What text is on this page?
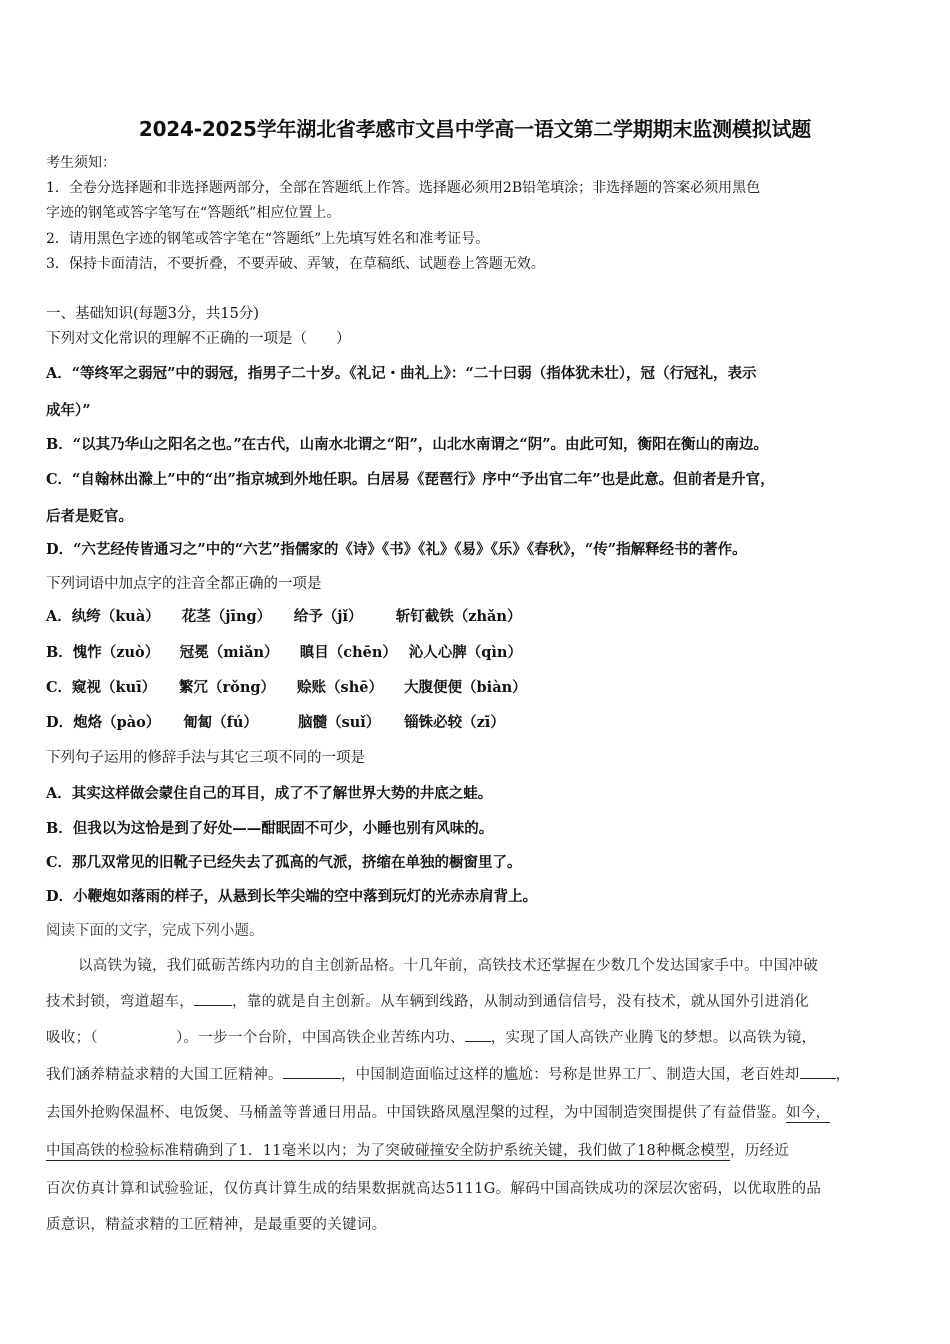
2024-2025学年湖北省孝感市文昌中学高一语文第二学期期末监测模拟试题
考生须知：
1．全卷分选择题和非选择题两部分，全部在答题纸上作答。选择题必须用2B铅笔填涂；非选择题的答案必须用黑色
字迹的钢笔或答字笔写在“答题纸”相应位置上。
2．请用黑色字迹的钢笔或答字笔在“答题纸”上先填写姓名和准考证号。
3．保持卡面清洁，不要折叠，不要弄破、弄皱，在草稿纸、试题卷上答题无效。
一、基础知识(每题3分，共15分)
下列对文化常识的理解不正确的一项是（　　）
A．“等终军之弱冠”中的弱冠，指男子二十岁。《礼记・曲礼上》：“二十曰弱（指体犹未壮），冠（行冠礼，表示
成年）”
B．“以其乃华山之阳名之也。”在古代，山南水北谓之“阳”，山北水南谓之“阴”。由此可知，衡阳在衡山的南边。
C．“自翰林出滁上”中的“出”指京城到外地任职。白居易《琵琶行》序中“予出官二年”也是此意。但前者是升官，
后者是贬官。
D．“六艺经传皆通习之”中的“六艺”指儒家的《诗》《书》《礼》《易》《乐》《春秋》，“传”指解释经书的著作。
下列词语中加点字的注音全都正确的一项是
A．纨绔（kuà） 花茎（jīng） 给予（jǐ） 斩钉截铁（zhǎn）
B．愧怍（zuò） 冠冕（miǎn） 瞋目（chēn） 沁人心脾（qìn）
C．窥视（kuī） 繁冗（rǒng） 赊账（shē） 大腹便便（biàn）
D．炮烙（pào） 匍匐（fú）	脑髓（suǐ） 锱铢必较（zī）
下列句子运用的修辞手法与其它三项不同的一项是
A．其实这样做会蒙住自己的耳目，成了不了解世界大势的井底之蛙。
B．但我以为这恰是到了好处——酣眠固不可少，小睡也别有风味的。
C．那几双常见的旧靴子已经失去了孤高的气派，挤缩在单独的橱窗里了。
D．小鞭炮如落雨的样子，从悬到长竿尖端的空中落到玩灯的光赤赤肩背上。
阅读下面的文字，完成下列小题。
以高铁为镜，我们砥砺苦练内功的自主创新品格。十几年前，高铁技术还掌握在少数几个发达国家手中。中国冲破
技术封锁，弯道超车，	，靠的就是自主创新。从车辆到线路，从制动到通信信号，没有技术，就从国外引进消化
吸收；（	）。一步一个台阶，中国高铁企业苦练内功、 ，实现了国人高铁产业腾飞的梦想。以高铁为镜，
我们涵养精益求精的大国工匠精神。	，中国制造面临过这样的尴尬：号称是世界工厂、制造大国，老百姓却 ，
去国外抢购保温杯、电饭煲、马桶盖等普通日用品。中国铁路凤凰涅槃的过程，为中国制造突围提供了有益借鉴。如今，
中国高铁的检验标准精确到了1．11毫米以内；为了突破碰撞安全防护系统关键，我们做了18种概念模型，历经近
百次仿真计算和试验验证，仅仿真计算生成的结果数据就高达5111G。解码中国高铁成功的深层次密码，以优取胜的品
质意识，精益求精的工匠精神，是最重要的关键词。
